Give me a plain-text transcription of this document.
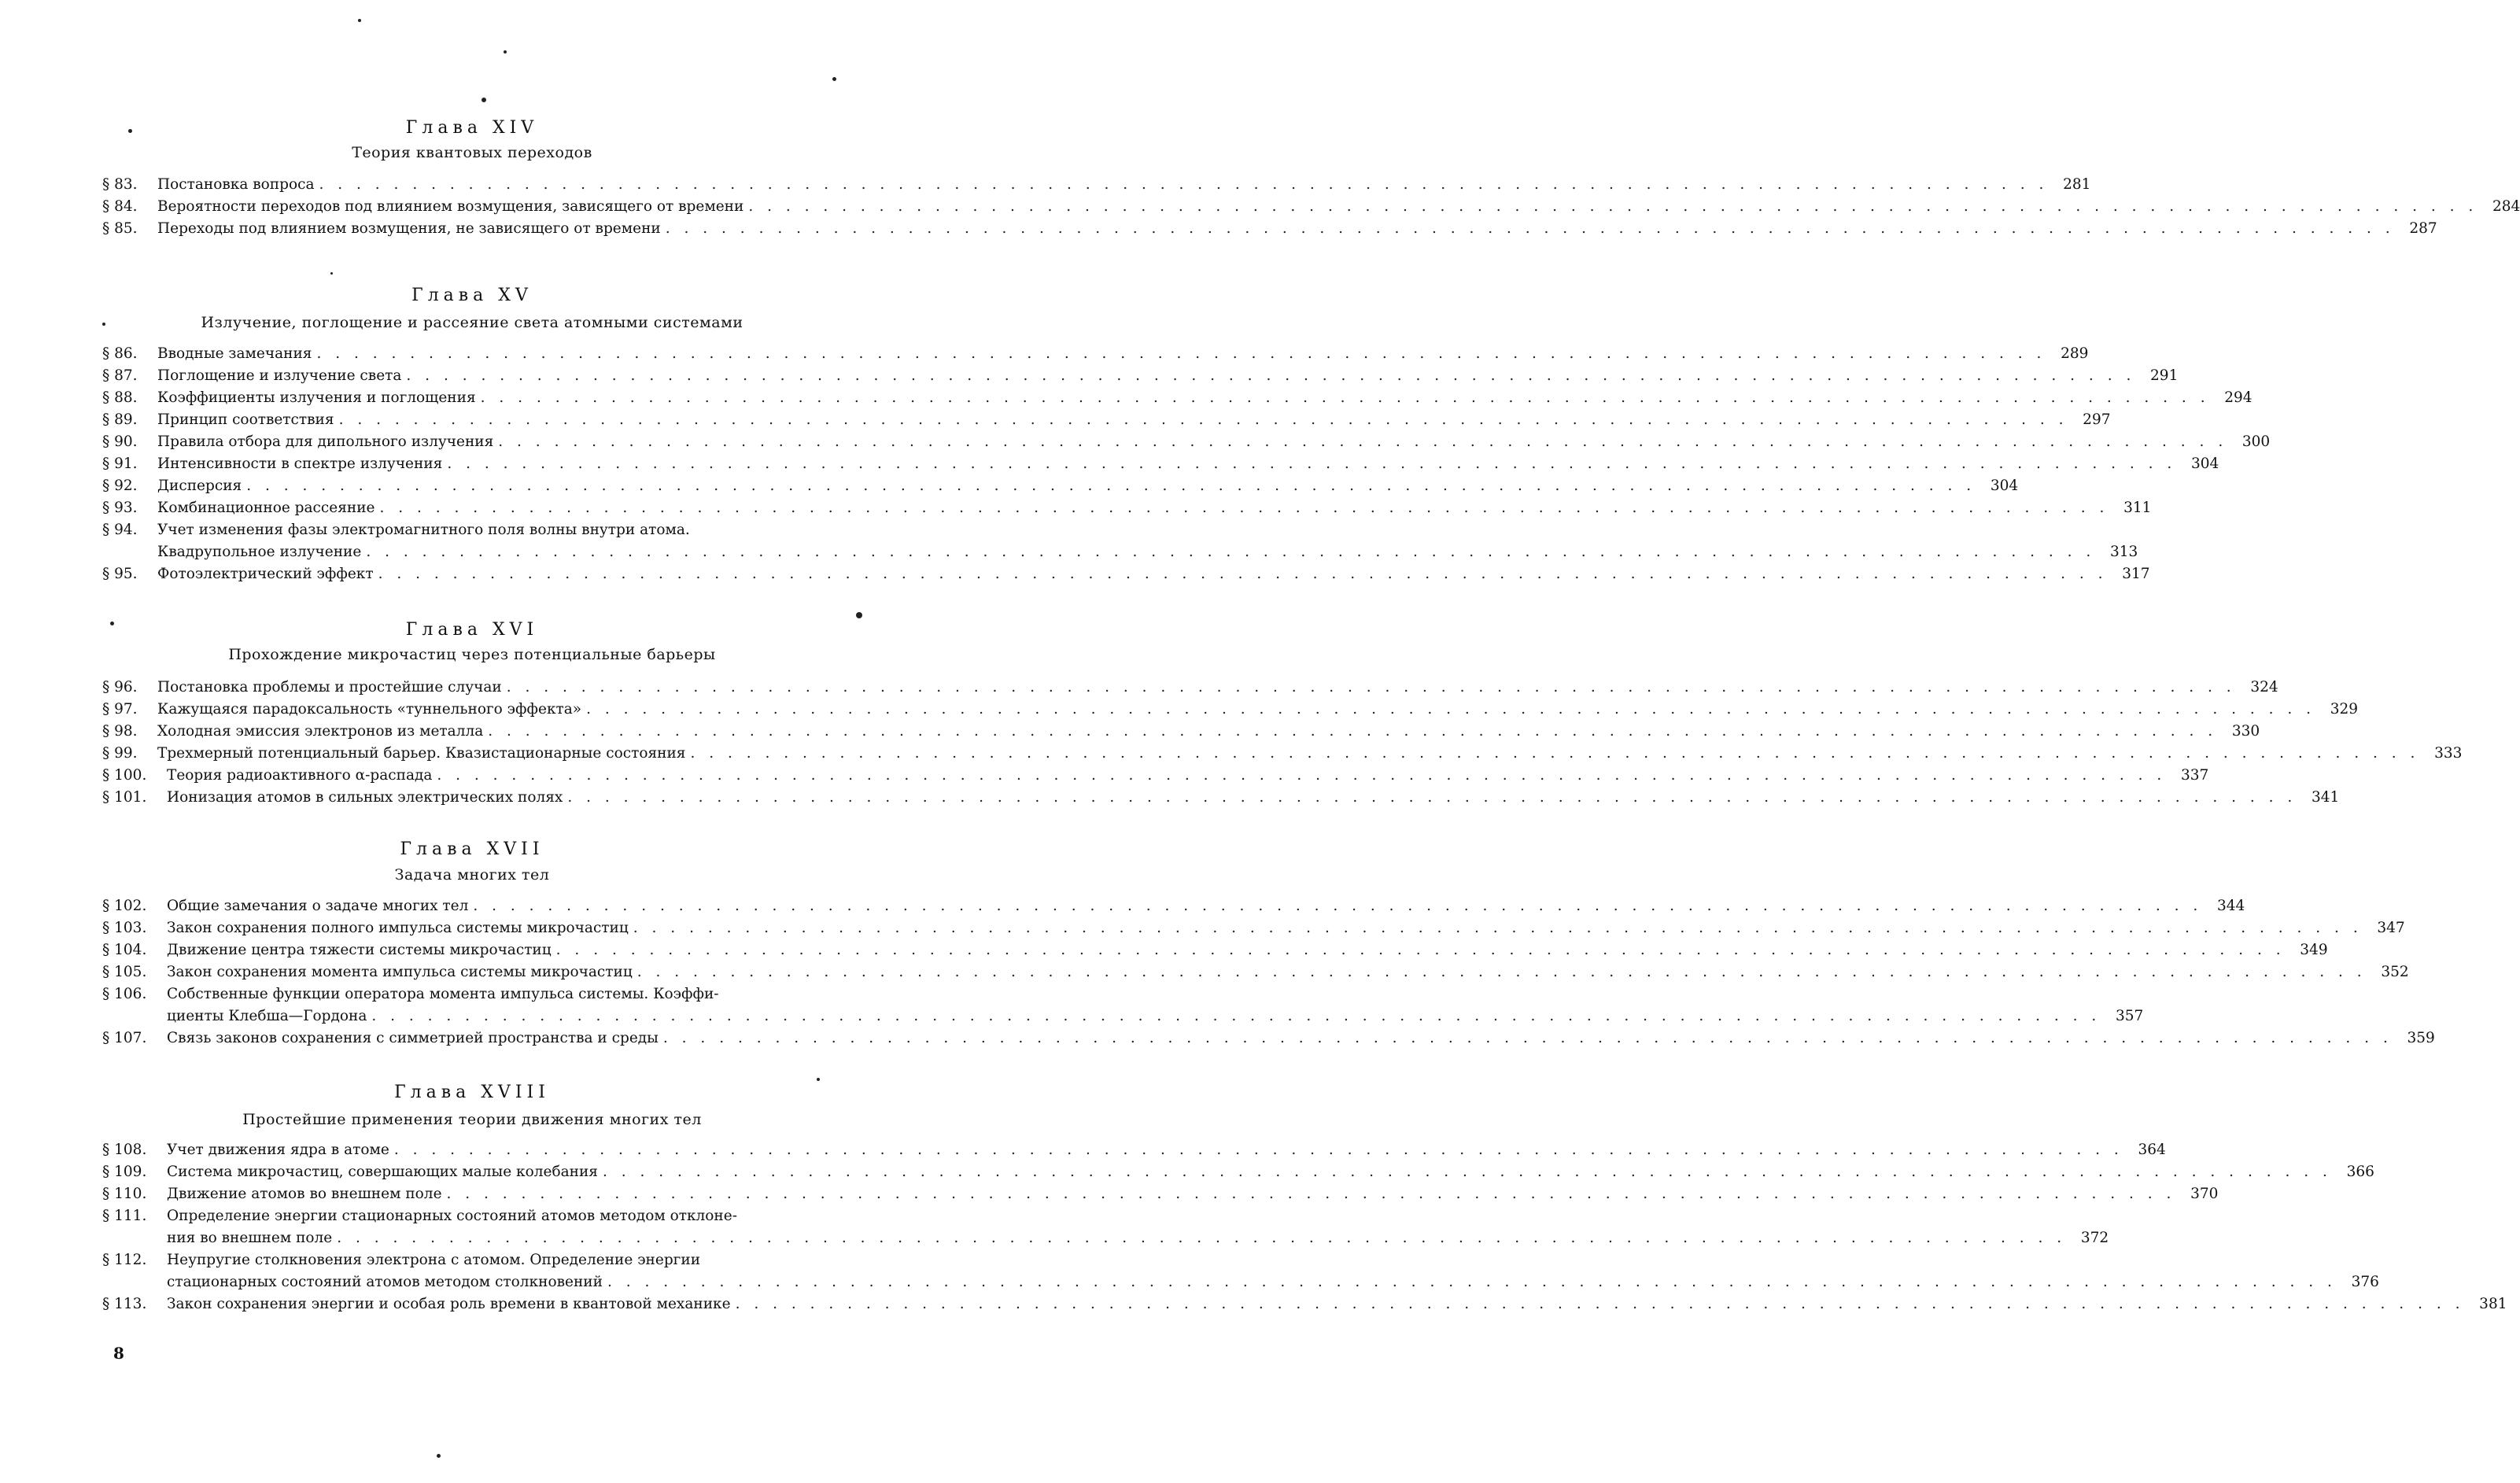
Глава XIV
Теория квантовых переходов
§ 83.	Постановка вопроса . . .	281
§ 84.	Вероятности переходов под влиянием возмущения, зависящего от времени . . .	284
§ 85.	Переходы под влиянием возмущения, не зависящего от времени . . .	287
Глава XV
Излучение, поглощение и рассеяние света атомными системами
§ 86.	Вводные замечания . . .	289
§ 87.	Поглощение и излучение света . . .	291
§ 88.	Коэффициенты излучения и поглощения . . .	294
§ 89.	Принцип соответствия . . .	297
§ 90.	Правила отбора для дипольного излучения . . .	300
§ 91.	Интенсивности в спектре излучения . . .	304
§ 92.	Дисперсия . . .	304
§ 93.	Комбинационное рассеяние . . .	311
§ 94.	Учет изменения фазы электромагнитного поля волны внутри атома.
Квадрупольное излучение . . .	313
§ 95.	Фотоэлектрический эффект . . .	317
Глава XVI
Прохождение микрочастиц через потенциальные барьеры
§ 96.	Постановка проблемы и простейшие случаи . . .	324
§ 97.	Кажущаяся парадоксальность «туннельного эффекта» . . .	329
§ 98.	Холодная эмиссия электронов из металла . . .	330
§ 99.	Трехмерный потенциальный барьер. Квазистационарные состояния . . .	333
§ 100.	Теория радиоактивного α-распада . . .	337
§ 101.	Ионизация атомов в сильных электрических полях . . .	341
Глава XVII
Задача многих тел
§ 102.	Общие замечания о задаче многих тел . . .	344
§ 103.	Закон сохранения полного импульса системы микрочастиц . . .	347
§ 104.	Движение центра тяжести системы микрочастиц . . .	349
§ 105.	Закон сохранения момента импульса системы микрочастиц . . .	352
§ 106.	Собственные функции оператора момента импульса системы. Коэффи-
циенты Клебша—Гордона . . .	357
§ 107.	Связь законов сохранения с симметрией пространства и среды . . .	359
Глава XVIII
Простейшие применения теории движения многих тел
§ 108.	Учет движения ядра в атоме . . .	364
§ 109.	Система микрочастиц, совершающих малые колебания . . .	366
§ 110.	Движение атомов во внешнем поле . . .	370
§ 111.	Определение энергии стационарных состояний атомов методом отклоне-
ния во внешнем поле . . .	372
§ 112.	Неупругие столкновения электрона с атомом. Определение энергии
стационарных состояний атомов методом столкновений . . .	376
§ 113.	Закон сохранения энергии и особая роль времени в квантовой механике . . .	381
8
